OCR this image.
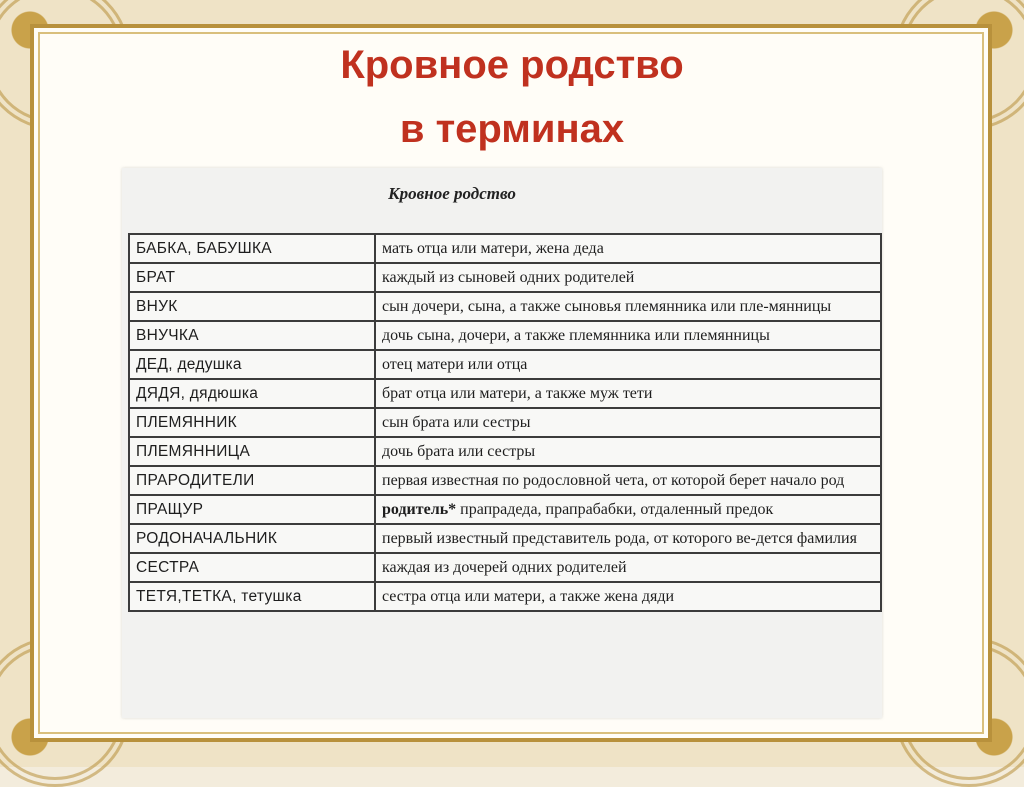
Кровное родство
в терминах
Кровное родство
БАБКА, БАБУШКА	мать отца или матери, жена деда
БРАТ	каждый из сыновей одних родителей
ВНУК	сын дочери, сына, а также сыновья племянника или пле-мянницы
ВНУЧКА	дочь сына, дочери, а также племянника или племянницы
ДЕД, дедушка	отец матери или отца
ДЯДЯ, дядюшка	брат отца или матери, а также муж тети
ПЛЕМЯННИК	сын брата или сестры
ПЛЕМЯННИЦА	дочь брата или сестры
ПРАРОДИТЕЛИ	первая известная по родословной чета, от которой берет начало род
ПРАЩУР	родитель* прапрадеда, прапрабабки, отдаленный предок
РОДОНАЧАЛЬНИК	первый известный представитель рода, от которого ве-дется фамилия
СЕСТРА	каждая из дочерей одних родителей
ТЕТЯ,ТЕТКА, тетушка	сестра отца или матери, а также жена дяди
